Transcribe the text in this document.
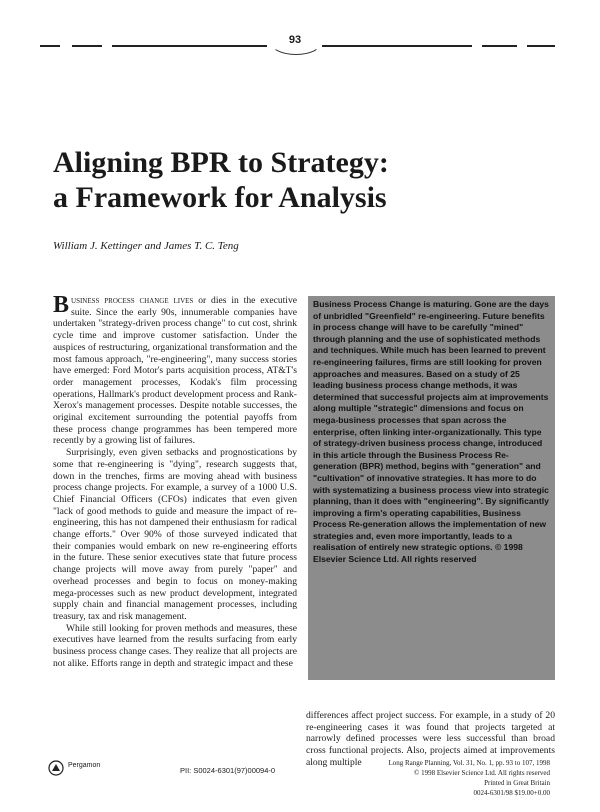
93
Aligning BPR to Strategy:
a Framework for Analysis
William J. Kettinger and James T. C. Teng

Business process change lives or dies in the executive suite. Since the early 90s, innumerable companies have undertaken "strategy-driven process change" to cut cost, shrink cycle time and improve customer satisfaction. Under the auspices of restructuring, organizational transformation and the most famous approach, "re-engineering", many success stories have emerged: Ford Motor's parts acquisition process, AT&T's order management processes, Kodak's film processing operations, Hallmark's product development process and Rank-Xerox's management processes. Despite notable successes, the original excitement surrounding the potential payoffs from these process change programmes has been tempered more recently by a growing list of failures.

Surprisingly, even given setbacks and prognostications by some that re-engineering is "dying", research suggests that, down in the trenches, firms are moving ahead with business process change projects. For example, a survey of a 1000 U.S. Chief Financial Officers (CFOs) indicates that even given "lack of good methods to guide and measure the impact of re-engineering, this has not dampened their enthusiasm for radical change efforts." Over 90% of those surveyed indicated that their companies would embark on new re-engineering efforts in the future. These senior executives state that future process change projects will move away from purely "paper" and overhead processes and begin to focus on money-making mega-processes such as new product development, integrated supply chain and financial management processes, including treasury, tax and risk management.

While still looking for proven methods and measures, these executives have learned from the results surfacing from early business process change cases. They realize that all projects are not alike. Efforts range in depth and strategic impact and these

Business Process Change is maturing. Gone are the days of unbridled "Greenfield" re-engineering. Future benefits in process change will have to be carefully "mined" through planning and the use of sophisticated methods and techniques. While much has been learned to prevent re-engineering failures, firms are still looking for proven approaches and measures. Based on a study of 25 leading business process change methods, it was determined that successful projects aim at improvements along multiple "strategic" dimensions and focus on mega-business processes that span across the enterprise, often linking inter-organizationally. This type of strategy-driven business process change, introduced in this article through the Business Process Re-generation (BPR) method, begins with "generation" and "cultivation" of innovative strategies. It has more to do with systematizing a business process view into strategic planning, than it does with "engineering". By significantly improving a firm's operating capabilities, Business Process Re-generation allows the implementation of new strategies and, even more importantly, leads to a realisation of entirely new strategic options. © 1998 Elsevier Science Ltd. All rights reserved

differences affect project success. For example, in a study of 20 re-engineering cases it was found that projects targeted at narrowly defined processes were less successful than broad cross functional projects. Also, projects aimed at improvements along multiple

Pergamon
PII: S0024-6301(97)00094-0
Long Range Planning, Vol. 31, No. 1, pp. 93 to 107, 1998
© 1998 Elsevier Science Ltd. All rights reserved
Printed in Great Britain
0024-6301/98 $19.00+0.00
